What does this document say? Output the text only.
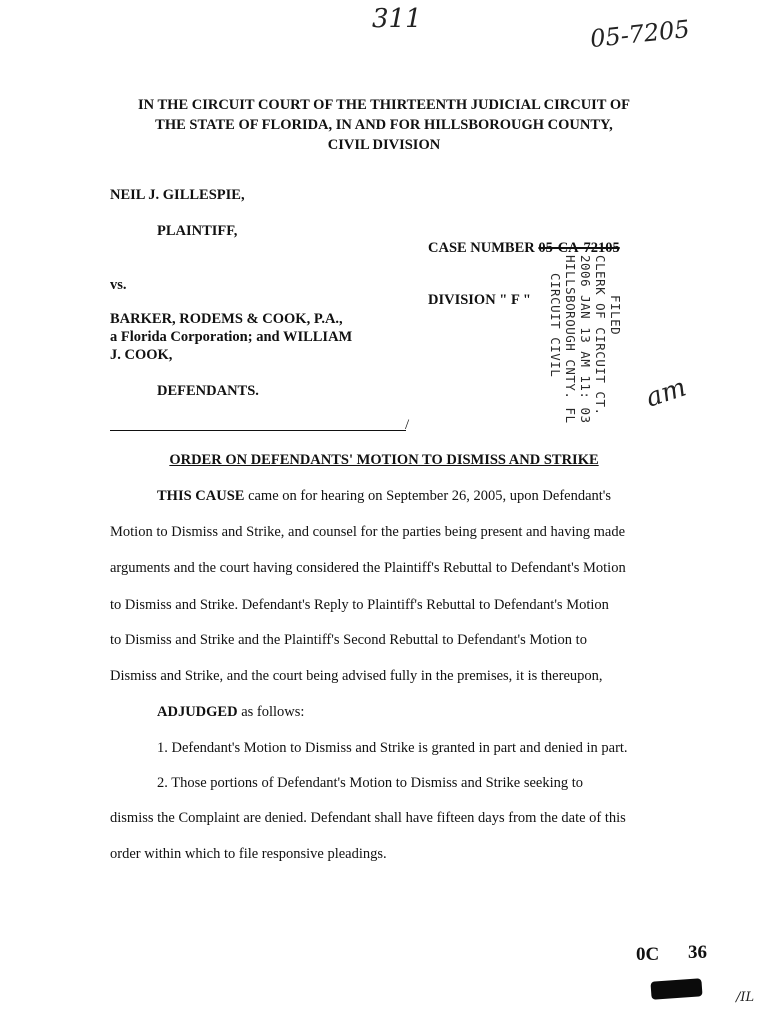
311	05-7205
IN THE CIRCUIT COURT OF THE THIRTEENTH JUDICIAL CIRCUIT OF
THE STATE OF FLORIDA, IN AND FOR HILLSBOROUGH COUNTY,
CIVIL DIVISION
NEIL J. GILLESPIE,
PLAINTIFF,
CASE NUMBER 05-CA-72105
vs.
DIVISION " F "
BARKER, RODEMS & COOK, P.A.,
a Florida Corporation; and WILLIAM
J. COOK,
DEFENDANTS.
/
FILED
CLERK OF CIRCUIT CT.
2006 JAN 13 AM 11: 03
HILLSBOROUGH CNTY. FL
CIRCUIT CIVIL
am
ORDER ON DEFENDANTS' MOTION TO DISMISS AND STRIKE
THIS CAUSE came on for hearing on September 26, 2005, upon Defendant's
Motion to Dismiss and Strike, and counsel for the parties being present and having made
arguments and the court having considered the Plaintiff's Rebuttal to Defendant's Motion
to Dismiss and Strike. Defendant's Reply to Plaintiff's Rebuttal to Defendant's Motion
to Dismiss and Strike and the Plaintiff's Second Rebuttal to Defendant's Motion to
Dismiss and Strike, and the court being advised fully in the premises, it is thereupon,
ADJUDGED as follows:
1. Defendant's Motion to Dismiss and Strike is granted in part and denied in part.
2. Those portions of Defendant's Motion to Dismiss and Strike seeking to
dismiss the Complaint are denied. Defendant shall have fifteen days from the date of this
order within which to file responsive pleadings.
0C 36
/IL
